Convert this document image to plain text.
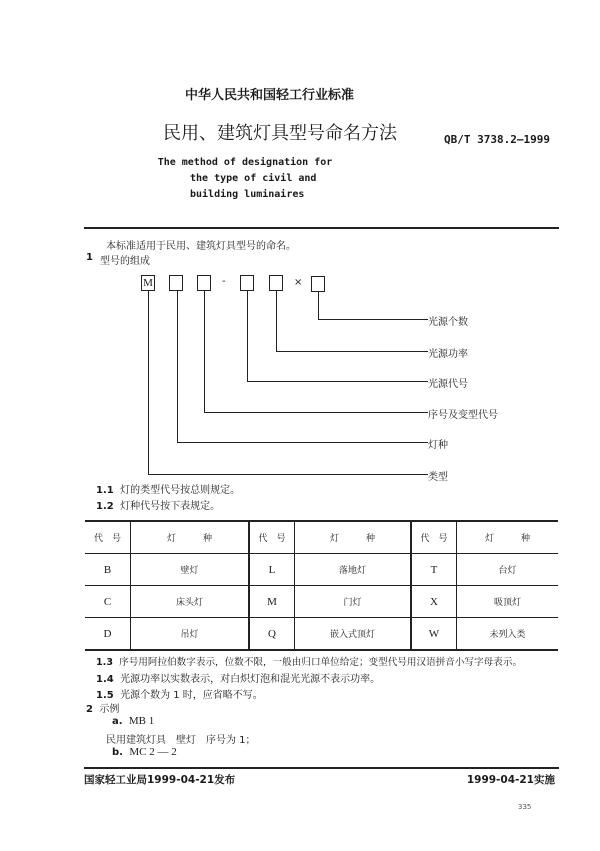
中华人民共和国轻工行业标准
民用、建筑灯具型号命名方法	QB/T 3738.2—1999
The method of designation for
the type of civil and
building luminaires
本标准适用于民用、建筑灯具型号的命名。
1 型号的组成
M	-	×
光源个数
光源功率
光源代号
序号及变型代号
灯种
类型
1.1 灯的类型代号按总则规定。
1.2 灯种代号按下表规定。
代　号	灯　　　种	代　号	灯　　　种	代　号	灯　　　种
B	壁灯	L	落地灯	T	台灯
C	床头灯	M	门灯	X	吸顶灯
D	吊灯	Q	嵌入式顶灯	W	未列入类
1.3 序号用阿拉伯数字表示，位数不限，一般由归口单位给定；变型代号用汉语拼音小写字母表示。
1.4 光源功率以实数表示，对白炽灯泡和混光光源不表示功率。
1.5 光源个数为 1 时，应省略不写。
2 示例
a. MB 1
民用建筑灯具　壁灯　序号为 1；
b. MC 2 — 2
国家轻工业局1999-04-21发布	1999-04-21实施
335
